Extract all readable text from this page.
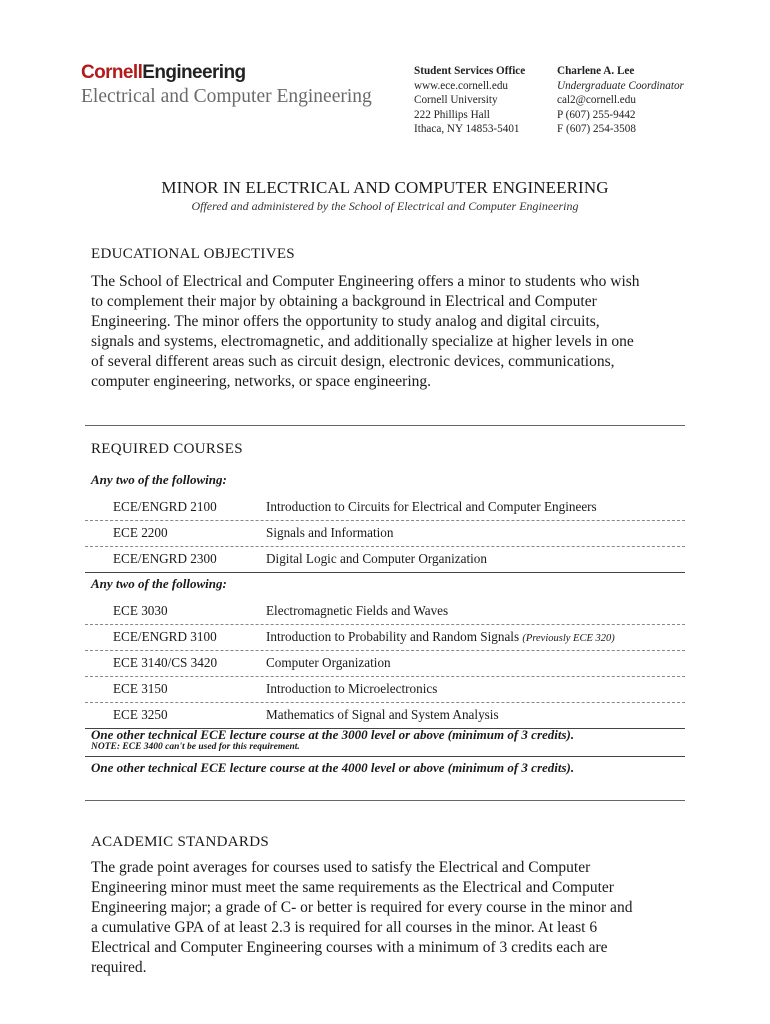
CornellEngineering
Electrical and Computer Engineering
Student Services Office
www.ece.cornell.edu
Cornell University
222 Phillips Hall
Ithaca, NY 14853-5401
Charlene A. Lee
Undergraduate Coordinator
cal2@cornell.edu
P (607) 255-9442
F (607) 254-3508
MINOR IN ELECTRICAL AND COMPUTER ENGINEERING
Offered and administered by the School of Electrical and Computer Engineering
EDUCATIONAL OBJECTIVES
The School of Electrical and Computer Engineering offers a minor to students who wish
to complement their major by obtaining a background in Electrical and Computer
Engineering. The minor offers the opportunity to study analog and digital circuits,
signals and systems, electromagnetic, and additionally specialize at higher levels in one
of several different areas such as circuit design, electronic devices, communications,
computer engineering, networks, or space engineering.
REQUIRED COURSES
Any two of the following:
ECE/ENGRD 2100	Introduction to Circuits for Electrical and Computer Engineers
ECE 2200	Signals and Information
ECE/ENGRD 2300	Digital Logic and Computer Organization
Any two of the following:
ECE 3030	Electromagnetic Fields and Waves
ECE/ENGRD 3100	Introduction to Probability and Random Signals (Previously ECE 320)
ECE 3140/CS 3420	Computer Organization
ECE 3150	Introduction to Microelectronics
ECE 3250	Mathematics of Signal and System Analysis
One other technical ECE lecture course at the 3000 level or above (minimum of 3 credits).
NOTE: ECE 3400 can't be used for this requirement.
One other technical ECE lecture course at the 4000 level or above (minimum of 3 credits).
ACADEMIC STANDARDS
The grade point averages for courses used to satisfy the Electrical and Computer
Engineering minor must meet the same requirements as the Electrical and Computer
Engineering major; a grade of C- or better is required for every course in the minor and
a cumulative GPA of at least 2.3 is required for all courses in the minor. At least 6
Electrical and Computer Engineering courses with a minimum of 3 credits each are
required.
